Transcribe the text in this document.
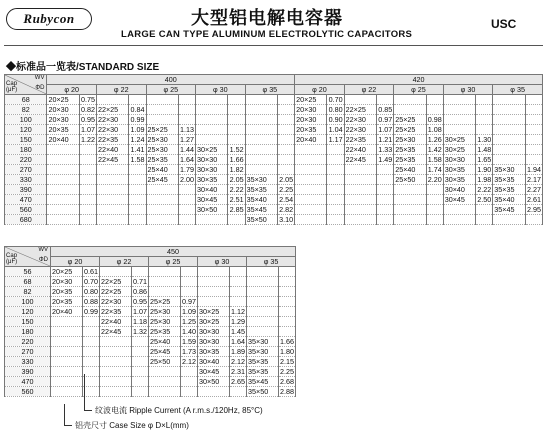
Rubycon	大型铝电解电容器
LARGE CAN TYPE ALUMINUM ELECTROLYTIC CAPACITORS
USC
◆标准品一览表/STANDARD SIZE
WV
ΦD
Cap
(μF)	400										420									
	φ 20		φ 22		φ 25		φ 30		φ 35		φ 20		φ 22		φ 25		φ 30		φ 35	
68	20×25	0.75									20×25	0.70								
82	20×30	0.82	22×25	0.84							20×30	0.80	22×25	0.85						
100	20×30	0.95	22×30	0.99							20×30	0.90	22×30	0.97	25×25	0.98				
120	20×35	1.07	22×30	1.09	25×25	1.13					20×35	1.04	22×30	1.07	25×25	1.08				
150	20×40	1.22	22×35	1.24	25×30	1.27					20×40	1.17	22×35	1.21	25×30	1.26	30×25	1.30		
180			22×40	1.41	25×30	1.44	30×25	1.52					22×40	1.33	25×35	1.42	30×25	1.48		
220			22×45	1.58	25×35	1.64	30×30	1.66					22×45	1.49	25×35	1.58	30×30	1.65		
270					25×40	1.79	30×30	1.82							25×40	1.74	30×35	1.90	35×30	1.94
330					25×45	2.00	30×35	2.05	35×30	2.05					25×50	2.20	30×35	1.98	35×35	2.17
390							30×40	2.22	35×35	2.25							30×40	2.22	35×35	2.27
470							30×45	2.51	35×40	2.54							30×45	2.50	35×40	2.61
560							30×50	2.85	35×45	2.82									35×45	2.95
680									35×50	3.10										
WV
ΦD
Cap
(μF)	450									
	φ 20		φ 22		φ 25		φ 30		φ 35	
56	20×25	0.61								
68	20×30	0.70	22×25	0.71						
82	20×35	0.80	22×25	0.86						
100	20×35	0.88	22×30	0.95	25×25	0.97				
120	20×40	0.99	22×35	1.07	25×30	1.09	30×25	1.12		
150			22×40	1.18	25×30	1.25	30×25	1.29		
180			22×45	1.32	25×35	1.40	30×30	1.45		
220					25×40	1.59	30×30	1.64	35×30	1.66
270					25×45	1.73	30×35	1.89	35×30	1.80
330					25×50	2.12	30×40	2.12	35×35	2.15
390							30×45	2.31	35×35	2.25
470							30×50	2.65	35×45	2.68
560									35×50	2.88
纹波电流 Ripple Current (A r.m.s./120Hz, 85°C)
铝壳尺寸 Case Size φ D×L(mm)
